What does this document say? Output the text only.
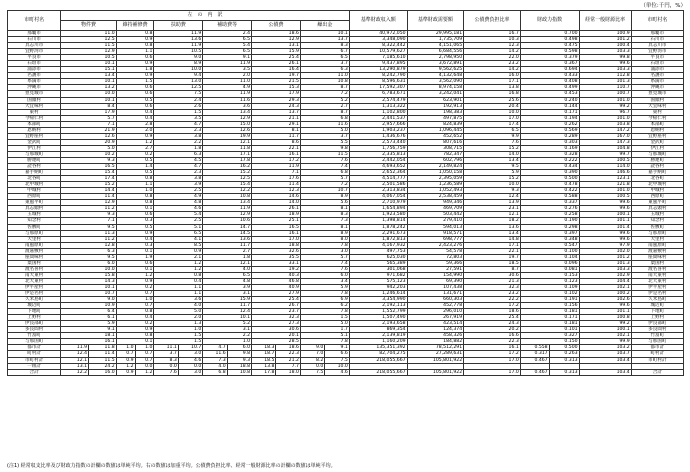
（単位:千円，%）
市町村名	左　の　内　訳												基準財政収入額	基準財政需要額	公債費負担比率	財政力指数		経常一般財源比率	市町村名
	物件費		維持補修費		扶助費		補助費等		公債費		繰出金								
那覇市	11.0		0.8		11.9		2.4		18.6		10.1		40,972,050	29,995,181	16.7	0.700		100.9	那覇市
石川市	12.5		0.9		13.6		6.5		12.9		13.7		3,348,090	1,735,709	10.3	0.498		101.2	石川市
具志川市	11.5		0.8		11.9		5.4		13.1		8.3		8,322,442	4,151,065	12.3	0.475		100.4	具志川市
宜野湾市	12.9		1.1		10.5		6.5		15.9		6.7		10,579,627	6,684,556	14.2	0.598		103.3	宜野湾市
平良市	10.5		0.6		9.0		9.1		25.4		6.5		7,185,610	2,798,950	22.0	0.379		99.8	平良市
石垣市	10.1		0.9		8.9		11.9		26.1		3.7		9,437,895	3,672,891	23.2	0.367		99.6	石垣市
浦添市	15.1		1.8		10.0		3.5		16.4		6.3		13,290,879	9,562,625	14.2	0.694		103.3	浦添市
名護市	13.4		0.9		9.4		2.0		19.7		11.0		8,242,790	4,132,648	16.0	0.433		112.8	名護市
糸満市	10.1		1.5		13.0		11.0		21.5		10.8		8,596,631	3,562,090	17.1	0.408		101.3	糸満市
沖縄市	13.2		0.6		12.5		4.9		15.3		8.7		17,592,307	8,974,158	13.8	0.499		110.7	沖縄市
豊見城市	10.0		0.6		7.5		11.9		17.9		7.2		6,783,671	3,242,041	16.8	0.453		100.7	豊見城市
国頭村	10.1		0.5		2.4		11.6		29.3		5.2		2,574,479	623,901	25.6	0.240		101.0	国頭村
大宜味村	8.4		0.6		2.6		3.6		24.3		2.7		1,313,322	192,913	20.4	0.144		99.2	大宜味村
東村	17.9		0.4		1.5		13.4		13.7		8.7		1,102,800	198,383	10.0	0.171		96.7	東村
今帰仁村	5.7		0.4		3.5		12.9		21.1		6.8		2,441,537	497,875	17.0	0.194		101.0	今帰仁村
本部町	7.1		2.8		4.7		15.0		29.1		11.6		2,957,666	824,839	17.4	0.262		103.8	本部町
恩納村	21.9		2.0		2.3		12.6		8.1		5.0		1,903,237	1,096,445	6.5	0.569		147.2	恩納村
宜野座村	12.6		0.9		3.8		19.9		11.7		3.7		1,436,676	452,652	9.9	0.289		167.0	宜野座村
金武町	20.9		1.2		2.2		12.1		8.6		5.5		2,573,440	807,616	7.6	0.303		147.3	金武町
伊江村	5.0		2.7		1.8		11.8		22.1		9.8		1,756,759	308,715	15.2	0.169		104.8	伊江村
与那城町	10.2		0.2		6.3		17.1		16.1		11.5		2,335,813	782,347	14.0	0.328		99.7	与那城町
勝連町	9.3		0.5		4.5		17.8		17.2		7.6		2,442,054	602,796	13.4	0.222		100.5	勝連町
読谷村	16.5		1.4		4.7		16.2		11.9		7.4		4,693,652	2,149,824	9.5	0.434		114.0	読谷村
嘉手納町	15.4		0.5		2.3		15.2		7.1		6.8		2,652,364	1,050,158	5.9	0.390		146.6	嘉手納町
北谷町	17.4		0.8		3.8		12.5		17.6		5.7		4,514,777	2,395,059	15.2	0.500		123.1	北谷町
北中城村	15.2		1.1		3.9		15.4		11.4		7.2		2,501,586	1,236,589	10.0	0.478		121.8	北中城村
中城村	14.4		1.0		2.5		12.2		12.3		10.7		2,313,834	1,052,493	9.3	0.422		101.0	中城村
西原町	11.4		0.8		4.9		10.8		14.6		8.9		4,067,054	2,538,459	12.4	0.588		100.5	西原町
東風平町	12.9		0.8		4.8		13.4		14.0		5.6		2,710,979	949,346	13.9	0.337		99.6	東風平町
具志頭村	11.2		0.1		4.6		11.9		26.1		8.1		1,654,894	469,709	23.1	0.276		99.6	具志頭村
玉城村	9.3		0.6		5.4		12.9		18.9		8.3		1,923,580	503,442	12.1	0.258		100.1	玉城村
知念村	7.1		0.3		2.5		10.6		25.1		7.3		1,398,814	279,410	18.2	0.190		101.1	知念村
佐敷町	9.5		0.5		5.1		14.7		16.5		8.1		1,878,242	594,013	13.6	0.298		101.4	佐敷町
与那原町	11.3		0.9		6.5		14.5		16.1		8.9		2,291,673	918,571	13.4	0.397		99.6	与那原町
大里村	11.2		0.4		4.1		13.6		17.0		8.0		1,872,813	698,777	14.8	0.348		99.6	大里村
南風原町	12.8		0.3		8.5		11.7		18.8		7.8		4,167,932	2,423,276	17.1	0.547		97.9	南風原町
渡嘉敷村	6.3		0.1		0.9		2.7		32.6		3.0		497,753	54,578	22.1	0.100		102.0	渡嘉敷村
座間味村	9.5		1.9		2.1		1.8		35.5		5.7		625,030	72,803	19.7	0.104		101.2	座間味村
粟国村	6.0		0.6		1.2		12.1		33.1		7.4		565,389	59,366	18.5	0.096		101.3	粟国村
渡名喜村	10.0		0.1		1.2		4.0		19.2		7.6		301,068	27,591	8.7	0.081		103.3	渡名喜村
南大東村	15.8		1.2		0.8		6.5		40.3		6.0		971,682	154,990	30.6	0.153		102.9	南大東村
北大東村	14.3		0.9		0.4		4.8		46.8		3.4		575,123	69,390	21.3	0.123		104.4	北大東村
伊平屋村	10.1		0.2		1.1		3.9		40.9		5.9		942,203	107,438	32.3	0.109		102.1	伊平屋村
伊是名村	10.7		0.7		1.1		3.1		27.9		7.8		1,246,614	131,671	23.2	0.102		100.2	伊是名村
久米島町	9.0		1.0		3.6		15.9		25.4		6.9		3,354,990	660,303	22.2	0.191		102.6	久米島町
城辺町	10.9		0.7		4.0		11.7		26.7		6.2		2,192,113	452,778	17.2	0.156		99.6	城辺町
下地町	6.4		0.8		5.0		12.4		23.7		7.8		1,552,799	296,010	18.6	0.181		101.1	下地町
上野村	6.1		0.4		2.0		10.1		32.3		1.5		1,507,490	267,919	25.4	0.171		100.8	上野村
伊良部町	5.9		0.2		1.3		5.2		27.3		5.0		2,193,658	423,514	24.3	0.181		99.2	伊良部町
多良間村	9.1		0.9		1.0		3.1		30.6		1.7		869,354	124,374	20.2	0.101		100.1	多良間村
竹富町	18.1		0.8		1.5		2.2		20.1		5.1		2,139,819	458,326	16.6	0.327		102.1	竹富町
与那国町	16.1		0.1		1.5		1.0		28.5		7.8		1,160,209	184,882	22.3	0.150		99.9	与那国町
都市計	11.9	11.8	1.0	1.0	11.1	10.7	4.7	6.0	18.3	18.6	9.0	9.1	135,351,392	78,512,291	16.1	0.558	0.500	103.2	都市計
町村計	12.4	11.4	0.7	0.7	3.7	3.0	11.6	9.8	18.7	22.3	7.0	6.6	82,704,275	27,289,631	17.2	0.317	0.263	103.7	町村計
市町村計	12.1	11.5	0.9	0.7	8.3	4.6	7.3	9.3	18.5	21.2	8.2	7.5	218,055,667	105,801,922	17.0	0.467	0.313	103.4	市町村計
一組計	13.1	24.2	1.2	0.0	0.0	0.0	4.0	18.8	13.8	7.7	0.0	10.0							
合計	12.2	16.0	0.9	1.2	7.6	3.0	6.8	10.8	17.8	18.0	7.5	4.6	218,055,667	105,801,922	17.0	0.467	0.313	103.4	合計
(注1) 経常収支比率及び財政力指数の計欄の数値は単純平均。右の数値は加重平均。公債費負担比率、経常一般財源比率の計欄の数値は単純平均。
